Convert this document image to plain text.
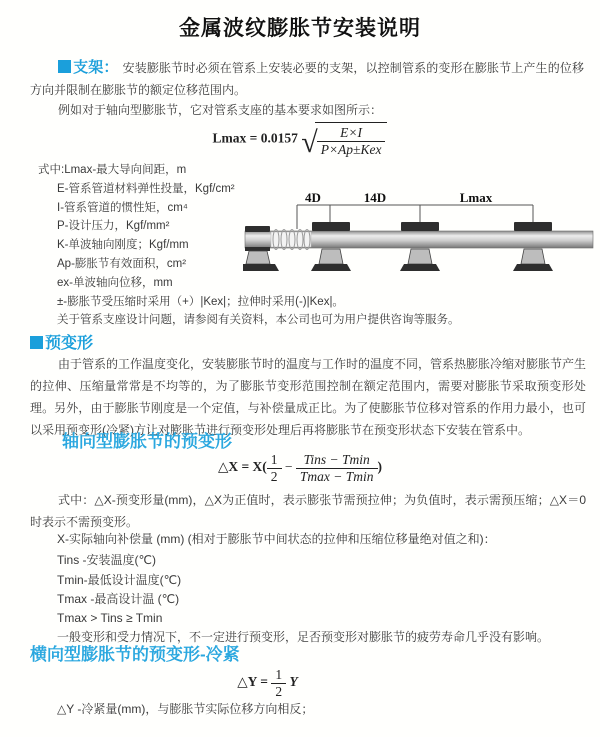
金属波纹膨胀节安装说明
支架： 安装膨胀节时必须在管系上安装必要的支架，以控制管系的变形在膨胀节上产生的位移方向并限制在膨胀节的额定位移范围内。
例如对于轴向型膨胀节，它对管系支座的基本要求如图所示：
Lmax = 0.0157 √ $\frac{E\times I}{\text{P×Ap±Kex}}$
式中:Lmax-最大导向间距，m
E-管系管道材料弹性投量，Kgf/cm²
I-管系管道的惯性矩，cm⁴
P-设计压力，Kgf/mm²
K-单波轴向刚度；Kgf/mm
Ap-膨胀节有效面积，cm²
ex-单波轴向位移，mm
±-膨胀节受压缩时采用（+）|Kex|；拉伸时采用(-)|Kex|。
关于管系支座设计问题，请参阅有关资料，本公司也可为用户提供咨询等服务。
4D	14D	Lmax
预变形
由于管系的工作温度变化，安装膨胀节时的温度与工作时的温度不同，管系热膨胀冷缩对膨胀节产生的拉伸、压缩量常常是不均等的，为了膨胀节变形范围控制在额定范围内，需要对膨胀节采取预变形处理。另外，由于膨胀节刚度是一个定值，与补偿量成正比。为了使膨胀节位移对管系的作用力最小，也可以采用预变形(冷紧)方让对膨胀节进行预变形处理后再将膨胀节在预变形状态下安装在管系中。
轴向型膨胀节的预变形
△X = $X( \frac{1}{2} - \frac{\text{Tins − Tmin}}{Tmax - Tmin}$ )
式中：△X-预变形量(mm)，△X为正值时，表示膨张节需预拉伸；为负值时，表示需预压缩；△X＝0时表示不需预变形。
X-实际轴向补偿量 (mm) (相对于膨胀节中间状态的拉伸和压缩位移量绝对值之和)：
Tins -安装温度(℃)
Tmin-最低设计温度(℃)
Tmax -最高设计温 (℃)
Tmax > Tins ≥ Tmin
一般变形和受力情况下，不一定进行预变形，足否预变形对膨胀节的疲劳寿命几乎没有影响。
横向型膨胀节的预变形-冷紧
△Y = $\frac{1}{2}$ Y
△Y -冷紧量(mm)，与膨胀节实际位移方向相反；
